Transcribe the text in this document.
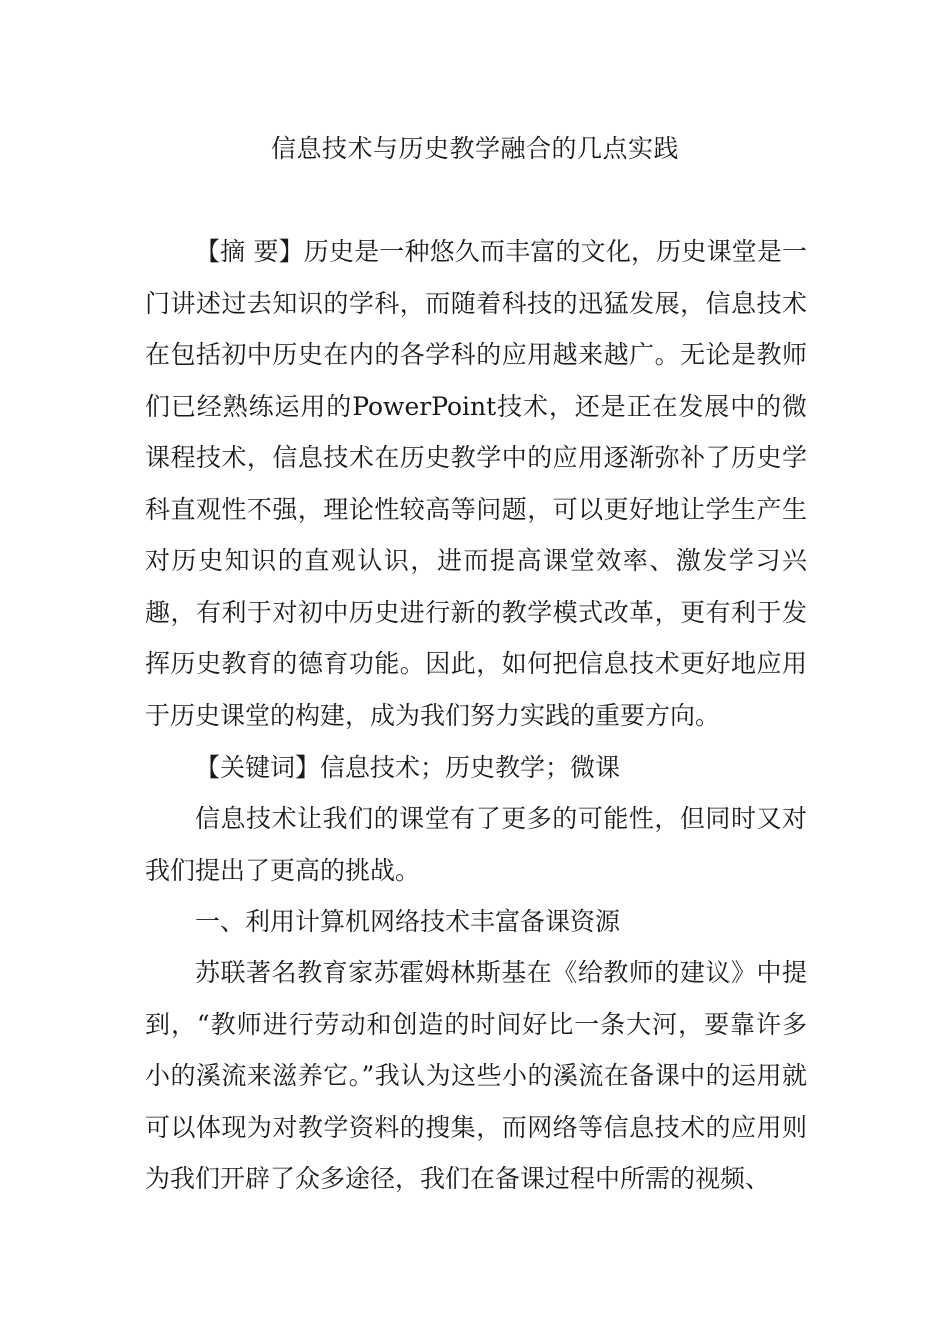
信息技术与历史教学融合的几点实践

【摘 要】历史是一种悠久而丰富的文化，历史课堂是一门讲述过去知识的学科，而随着科技的迅猛发展，信息技术在包括初中历史在内的各学科的应用越来越广。无论是教师们已经熟练运用的PowerPoint技术，还是正在发展中的微课程技术，信息技术在历史教学中的应用逐渐弥补了历史学科直观性不强，理论性较高等问题，可以更好地让学生产生对历史知识的直观认识，进而提高课堂效率、激发学习兴趣，有利于对初中历史进行新的教学模式改革，更有利于发挥历史教育的德育功能。因此，如何把信息技术更好地应用于历史课堂的构建，成为我们努力实践的重要方向。

【关键词】信息技术；历史教学；微课

信息技术让我们的课堂有了更多的可能性，但同时又对我们提出了更高的挑战。

一、利用计算机网络技术丰富备课资源

苏联著名教育家苏霍姆林斯基在《给教师的建议》中提到，“教师进行劳动和创造的时间好比一条大河，要靠许多小的溪流来滋养它。”我认为这些小的溪流在备课中的运用就可以体现为对教学资料的搜集，而网络等信息技术的应用则为我们开辟了众多途径，我们在备课过程中所需的视频、
